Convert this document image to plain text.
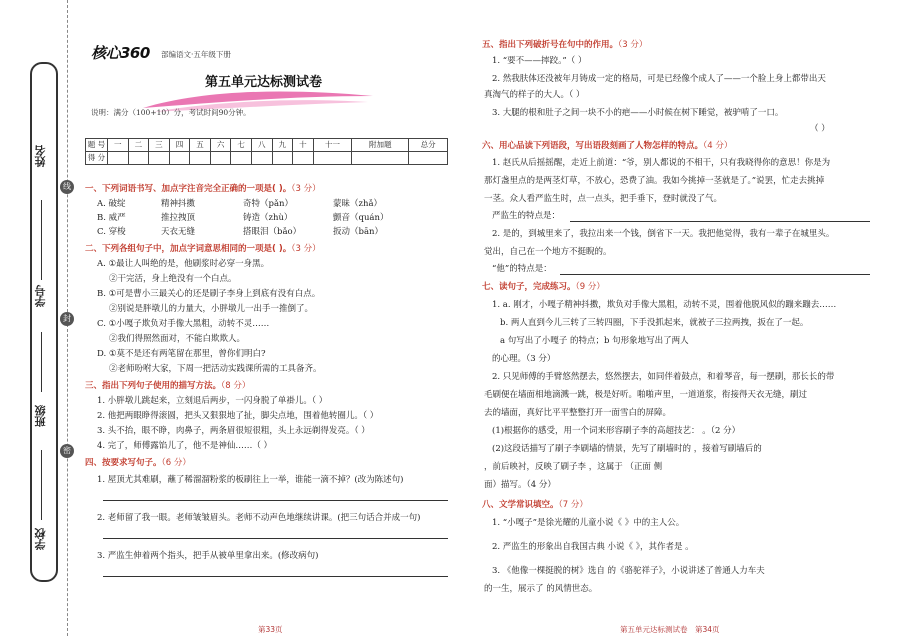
姓名
学号
班级
学校
线
封
密
核心360 部编语文·五年级下册
第五单元达标测试卷
说明：满分（100+10）分，考试时间90分钟。
题 号	一	二	三	四	五	六	七	八	九	十	十一	附加题	总分
得 分													
一、下列词语书写、加点字注音完全正确的一项是( )。（3 分）
A. 破绽	精神抖擞	奇特（pǎn）	蒙昧（zhǎ）
B. 威严	推拉拽顶	铸造（zhù）	颤音（quán）
C. 穿梭	天衣无缝	搭眼泪（bǎo）	扳动（bān）
二、下列各组句子中，加点字词意思相同的一项是( )。（3 分）
A. ①最让人叫绝的是，他刷浆时必穿一身黑。
②干完活，身上绝没有一个白点。
B. ①可是曹小三最关心的还是刷子李身上到底有没有白点。
②别说是胖墩儿的力量大，小胖墩儿一出手一推倒了。
C. ①小嘎子欺负对手像大黑粗，动转不灵……
②我们得照然面对，不能白欺欺人。
D. ①莫不是还有两笔留在那里，曾你们明白?
②老师吩咐大家，下周一把活动实践课所需的工具备齐。
三、指出下列句子使用的描写方法。（8 分）
1. 小胖墩儿跳起来，立刻退后两步，一闪身脱了单褂儿。（ ）
2. 他把两眼睁得滚圆，把头又狠狠地了扯，脚尖点地，围着他转圈儿。（ ）
3. 头不抬，眼不睁，肉鼻子，两条眉很短很粗，头上永远剃得发亮。（ ）
4. 完了，师傅露馅儿了，他不是神仙……（ ）
四、按要求写句子。（6 分）
1. 屋顶尤其难刷，蘸了稀溜溜粉浆的板刷往上一举，谁能一滴不掉？(改为陈述句)
2. 老师留了我一眼。老师皱皱眉头。老师不动声色地继续讲课。(把三句话合并成一句)
3. 严监生伸着两个指头，把手从被单里拿出来。(修改病句)
第33页
五、指出下列破折号在句中的作用。（3 分）
1. “要不——摔跤。”（ ）
2. 然我肤体还没被年月铸成一定的格局，可是已经像个成人了——一个脸上身上都带出天
真淘气的样子的大人。（ ）
3. 大腿的根和肚子之间一块不小的疤——小时候在树下睡觉，被驴啃了一口。
（ ）
六、用心品读下列语段，写出语段刻画了人物怎样的特点。（4 分）
1. 赵氏从后摇摇醒，走近上前道：“爷，别人都说的不相干，只有我晓得你的意思！你是为
那灯盏里点的是两茎灯草，不放心，恐费了油。我如今挑掉一茎就是了。”说罢，忙走去挑掉
一茎。众人看严监生时，点一点头，把手垂下，登时就没了气。
严监生的特点是：
2. 是的，到城里来了，我拉出来一个钱，倒省下一天。我把他觉得，我有一辈子在城里头。
觉出，自己在一个地方不挺睨的。
“他”的特点是：
七、读句子，完成练习。（9 分）
1. a. 刚才，小嘎子精神抖擞，欺负对手像大黑粗，动转不灵，围着他脱风似的蹦来蹦去……
b. 两人直到今儿三转了三转四圈，下手没抓起来，就被子三拉两拽，扳在了一起。
a 句写出了小嘎子 的特点；b 句形象地写出了两人
的心理。（3 分）
2. 只见师傅的手臂悠然摆去，悠然摆去，如同伴着鼓点，和着琴音，每一摆刷，那长长的带
毛刷便在墙面相地滴溅一跳，极是好听。啪啪声里，一道道浆，衔接得天衣无缝，刷过
去的墙面，真好比平平整整打开一面雪白的屏障。
(1)根据你的感受，用一个词来形容刷子李的高超技艺： 。（2 分）
(2)这段话描写了刷子李刷墙的情景，先写了刷墙时的 ，接着写刷墙后的
，前后映衬，反映了刷子李 ，这属于 （正面 侧
面）描写。（4 分）
八、文学常识填空。（7 分）
1. “小嘎子”是徐光耀的儿童小说《 》中的主人公。
2. 严监生的形象出自我国古典 小说《 》，其作者是 。
3. 《他像一棵挺脱的树》选自 的《骆驼祥子》，小说讲述了普通人力车夫
的一生，展示了 的风情世态。
第五单元达标测试卷　第34页
